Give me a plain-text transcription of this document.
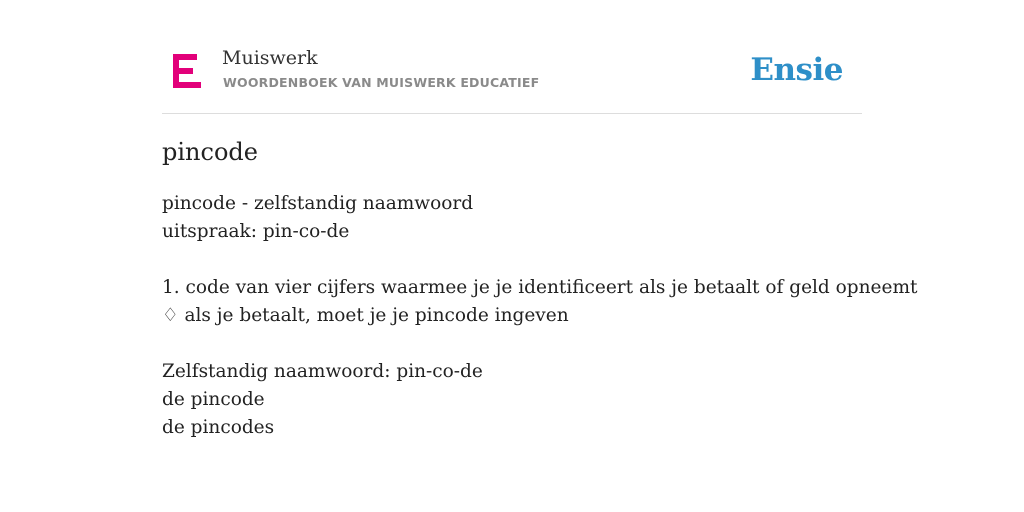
Muiswerk
WOORDENBOEK VAN MUISWERK EDUCATIEF	Ensie
pincode
pincode - zelfstandig naamwoord
uitspraak: pin-co-de
1. code van vier cijfers waarmee je je identificeert als je betaalt of geld opneemt
♢ als je betaalt, moet je je pincode ingeven
Zelfstandig naamwoord: pin-co-de
de pincode
de pincodes
